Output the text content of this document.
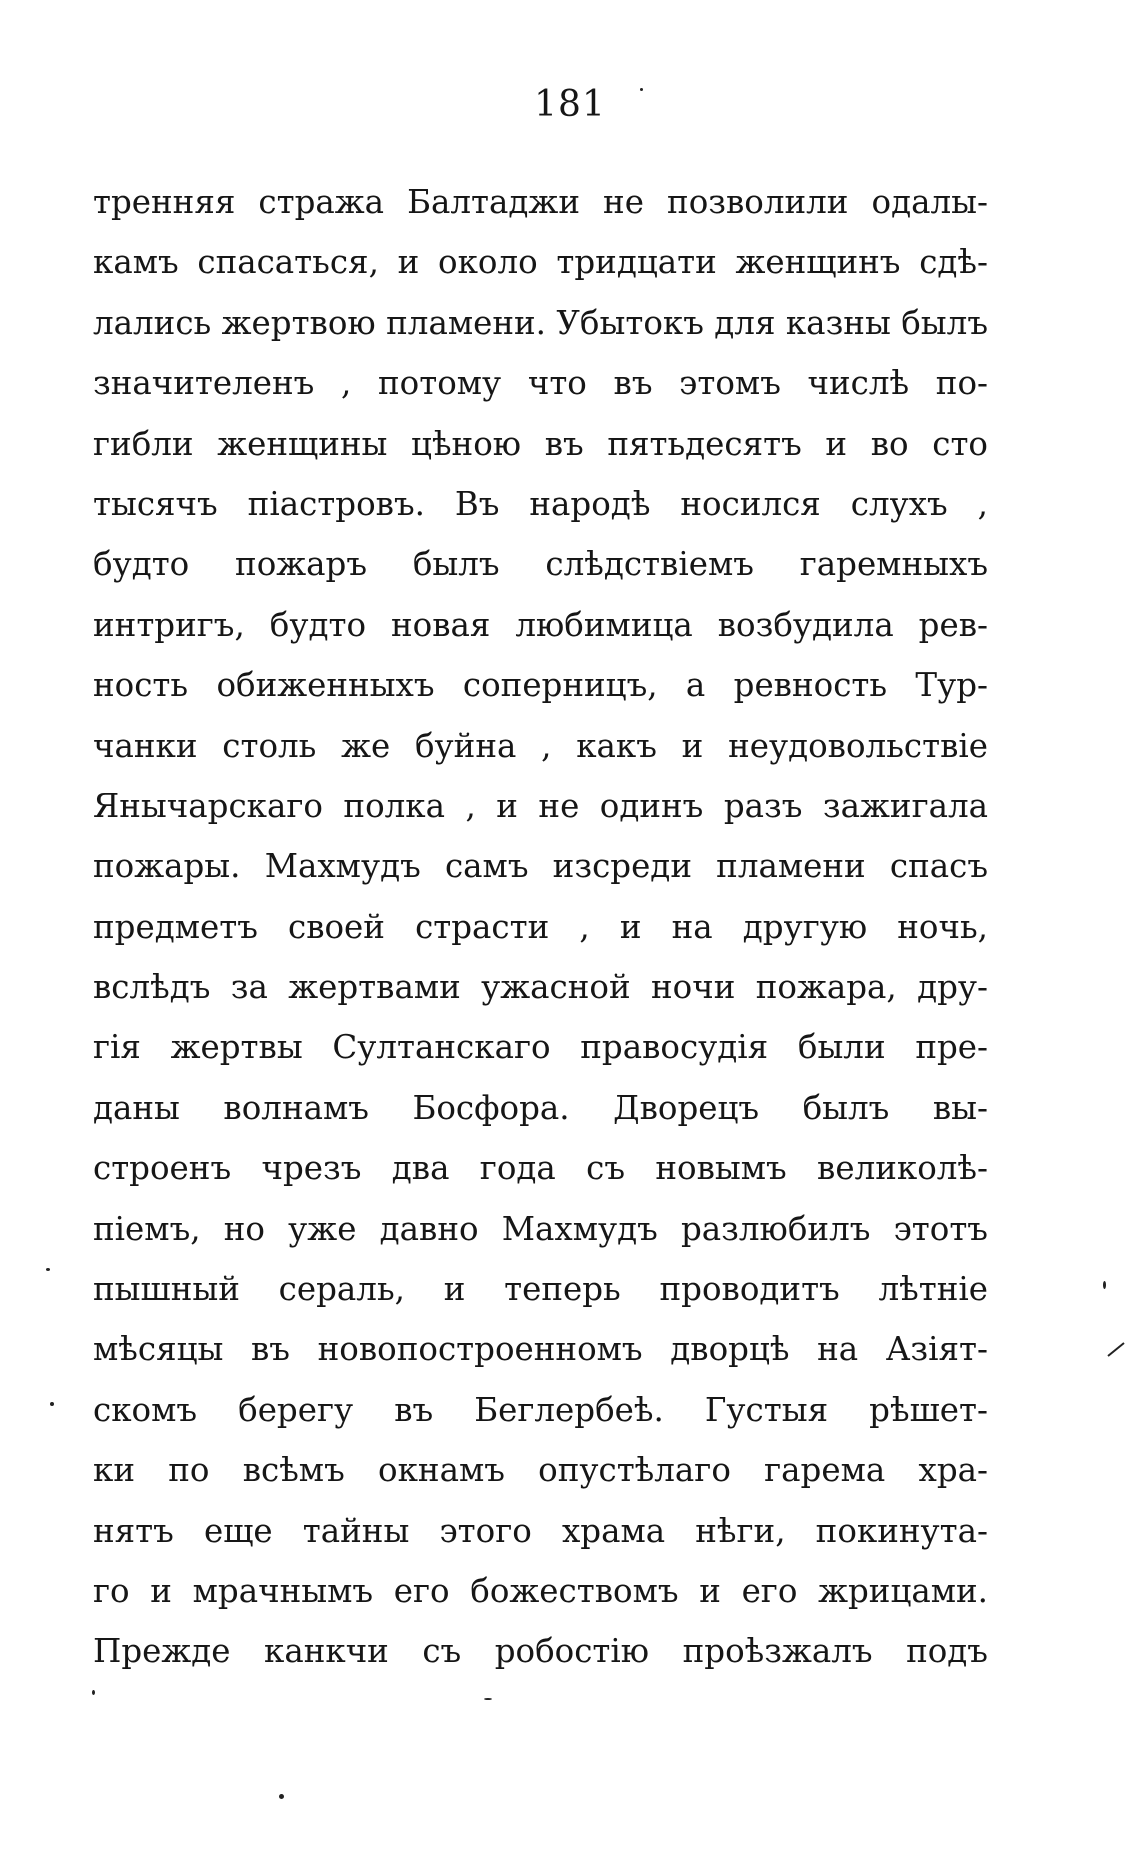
181
тренняя стража Балтаджи не позволили одалы-
камъ спасаться, и около тридцати женщинъ сдѣ-
лались жертвою пламени. Убытокъ для казны былъ
значителенъ , потому что въ этомъ числѣ по-
гибли женщины цѣною въ пятьдесятъ и во сто
тысячъ піастровъ. Въ народѣ носился слухъ ,
будто пожаръ былъ слѣдствіемъ гаремныхъ
интригъ, будто новая любимица возбудила рев-
ность обиженныхъ соперницъ, а ревность Тур-
чанки столь же буйна , какъ и неудовольствіе
Янычарскаго полка , и не одинъ разъ зажигала
пожары. Махмудъ самъ изсреди пламени спасъ
предметъ своей страсти , и на другую ночь,
вслѣдъ за жертвами ужасной ночи пожара, дру-
гія жертвы Султанскаго правосудія были пре-
даны волнамъ Босфора. Дворецъ былъ вы-
строенъ чрезъ два года съ новымъ великолѣ-
піемъ, но уже давно Махмудъ разлюбилъ этотъ
пышный сераль, и теперь проводитъ лѣтніе
мѣсяцы въ новопостроенномъ дворцѣ на Азіят-
скомъ берегу въ Беглербеѣ. Густыя рѣшет-
ки по всѣмъ окнамъ опустѣлаго гарема хра-
нятъ еще тайны этого храма нѣги, покинута-
го и мрачнымъ его божествомъ и его жрицами.
Прежде канкчи съ робостію проѣзжалъ подъ
